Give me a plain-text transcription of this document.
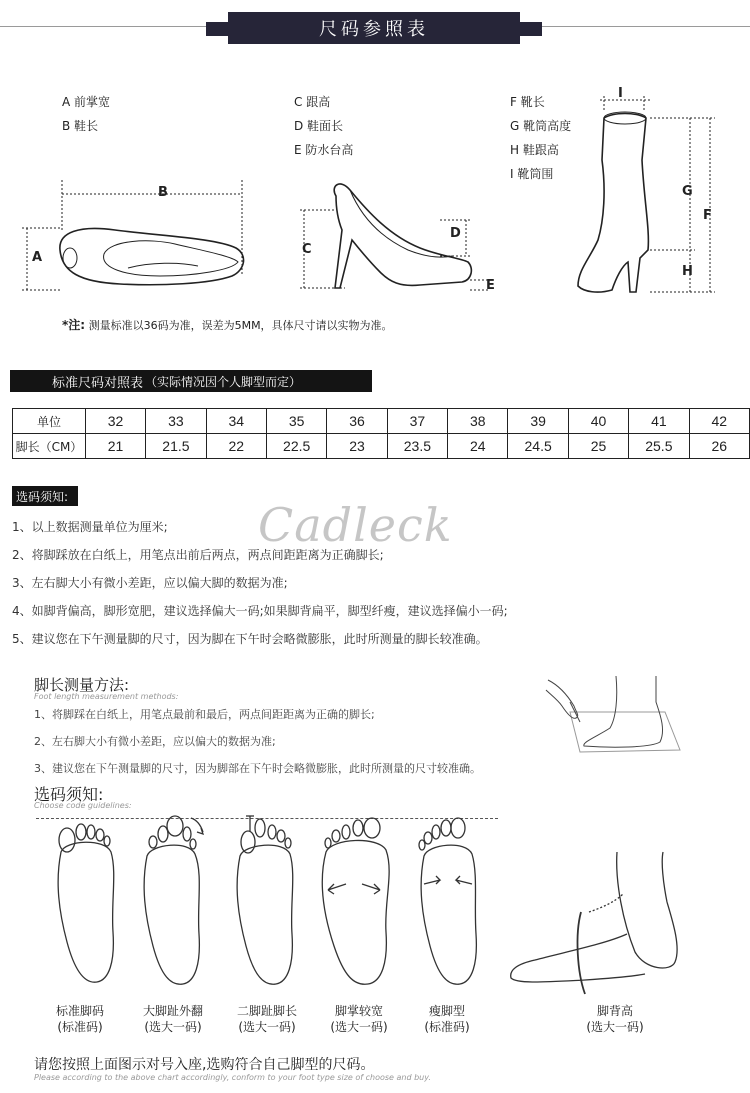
尺码参照表
A 前掌宽
B 鞋长
C 跟高
D 鞋面长
E 防水台高
F 靴长
G 靴筒高度
H 鞋跟高
I 靴筒围
B
A
C
D
E
I
G
F
H
*注: 测量标准以36码为准，误差为5MM，具体尺寸请以实物为准。
标准尺码对照表 （实际情况因个人脚型而定）
单位	32	33	34	35	36	37	38	39	40	41	42
脚长（CM）	21	21.5	22	22.5	23	23.5	24	24.5	25	25.5	26
选码须知:
Cadleck
1、以上数据测量单位为厘米;
2、将脚踩放在白纸上，用笔点出前后两点，两点间距距离为正确脚长;
3、左右脚大小有微小差距，应以偏大脚的数据为准;
4、如脚背偏高，脚形宽肥，建议选择偏大一码;如果脚背扁平，脚型纤瘦，建议选择偏小一码;
5、建议您在下午测量脚的尺寸，因为脚在下午时会略微膨胀，此时所测量的脚长较准确。
脚长测量方法:
Foot length measurement methods:
1、将脚踩在白纸上，用笔点最前和最后，两点间距距离为正确的脚长;
2、左右脚大小有微小差距，应以偏大的数据为准;
3、建议您在下午测量脚的尺寸，因为脚部在下午时会略微膨胀，此时所测量的尺寸较准确。
选码须知:
Choose code guidelines:
标准脚码
(标准码)
大脚趾外翻
(选大一码)
二脚趾脚长
(选大一码)
脚掌较宽
(选大一码)
瘦脚型
(标准码)
脚背高
(选大一码)
请您按照上面图示对号入座,选购符合自己脚型的尺码。
Please according to the above chart accordingly, conform to your foot type size of choose and buy.
